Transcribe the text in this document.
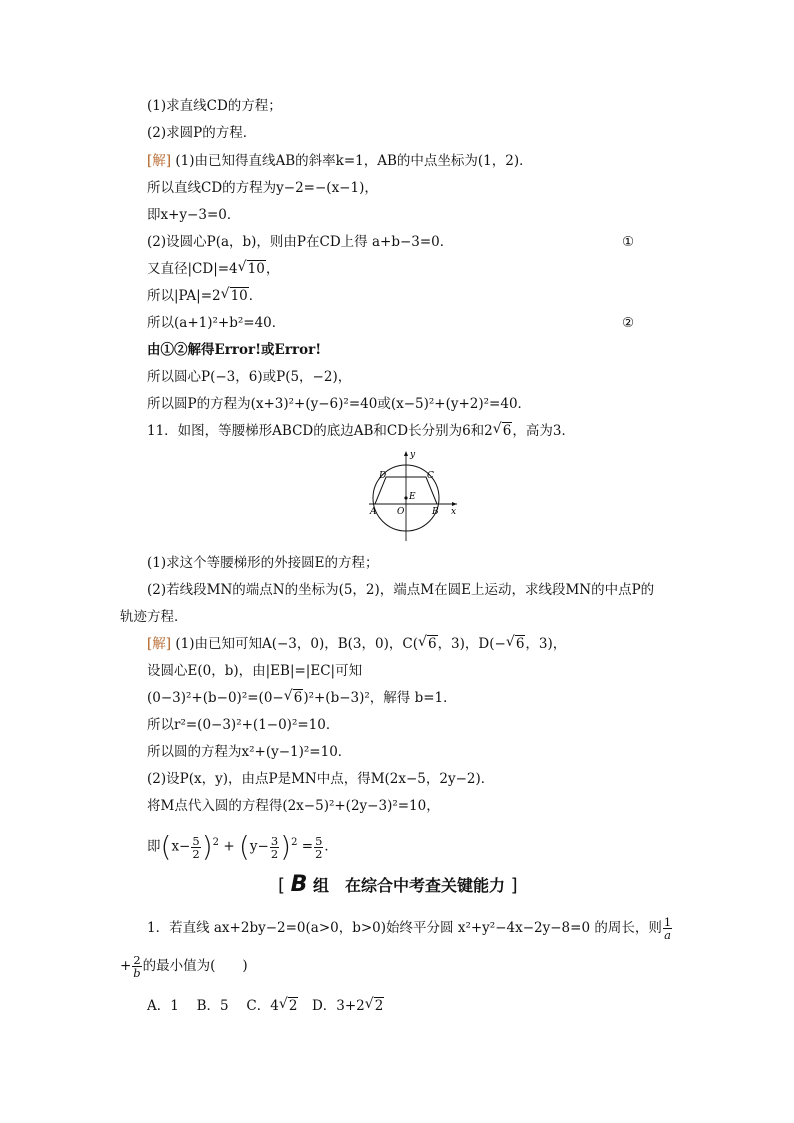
(1)求直线CD的方程；
(2)求圆P的方程．
[解] (1)由已知得直线AB的斜率k=1，AB的中点坐标为(1，2)．
所以直线CD的方程为y−2=−(x−1)，
即x+y−3=0．
(2)设圆心P(a，b)，则由P在CD上得 a+b−3=0．	①
又直径|CD|=4 √ 10，
所以|PA|=2 √ 10．
所以(a+1)²+b²=40．	②
由①②解得Error!或Error!
所以圆心P(−3，6)或P(5，−2)，
所以圆P的方程为(x+3)²+(y−6)²=40或(x−5)²+(y+2)²=40．
11．如图，等腰梯形ABCD的底边AB和CD长分别为6和2 √ 6，高为3．
y
x
D	C
E
A O	B
(1)求这个等腰梯形的外接圆E的方程；
(2)若线段MN的端点N的坐标为(5，2)，端点M在圆E上运动，求线段MN的中点P的
轨迹方程．
[解] (1)由已知可知A(−3，0)，B(3，0)，C( √ 6，3)，D(− √ 6，3)，
设圆心E(0，b)，由|EB|=|EC|可知
(0−3)²+(b−0)²=(0− √ 6)²+(b−3)²，解得 b=1．
所以r²=(0−3)²+(1−0)²=10．
所以圆的方程为x²+(y−1)²=10．
(2)设P(x，y)，由点P是MN中点，得M(2x−5，2y−2)．
将M点代入圆的方程得(2x−5)²+(2y−3)²=10，
即$(x- \frac{5}{2} )^2 + (y- \frac{3}{2} )^2 = \frac{5}{2}$ ．
[ B 组　在综合中考查关键能力 ]
1．若直线 ax+2by−2=0(a>0，b>0)始终平分圆 x²+y²−4x−2y−8=0 的周长，则 $\frac{1}{a}$
+ $\frac{2}{b}$ 的最小值为(　　)
A．1　 B．5　 C．4 √ 2　D．3+2 √ 2
